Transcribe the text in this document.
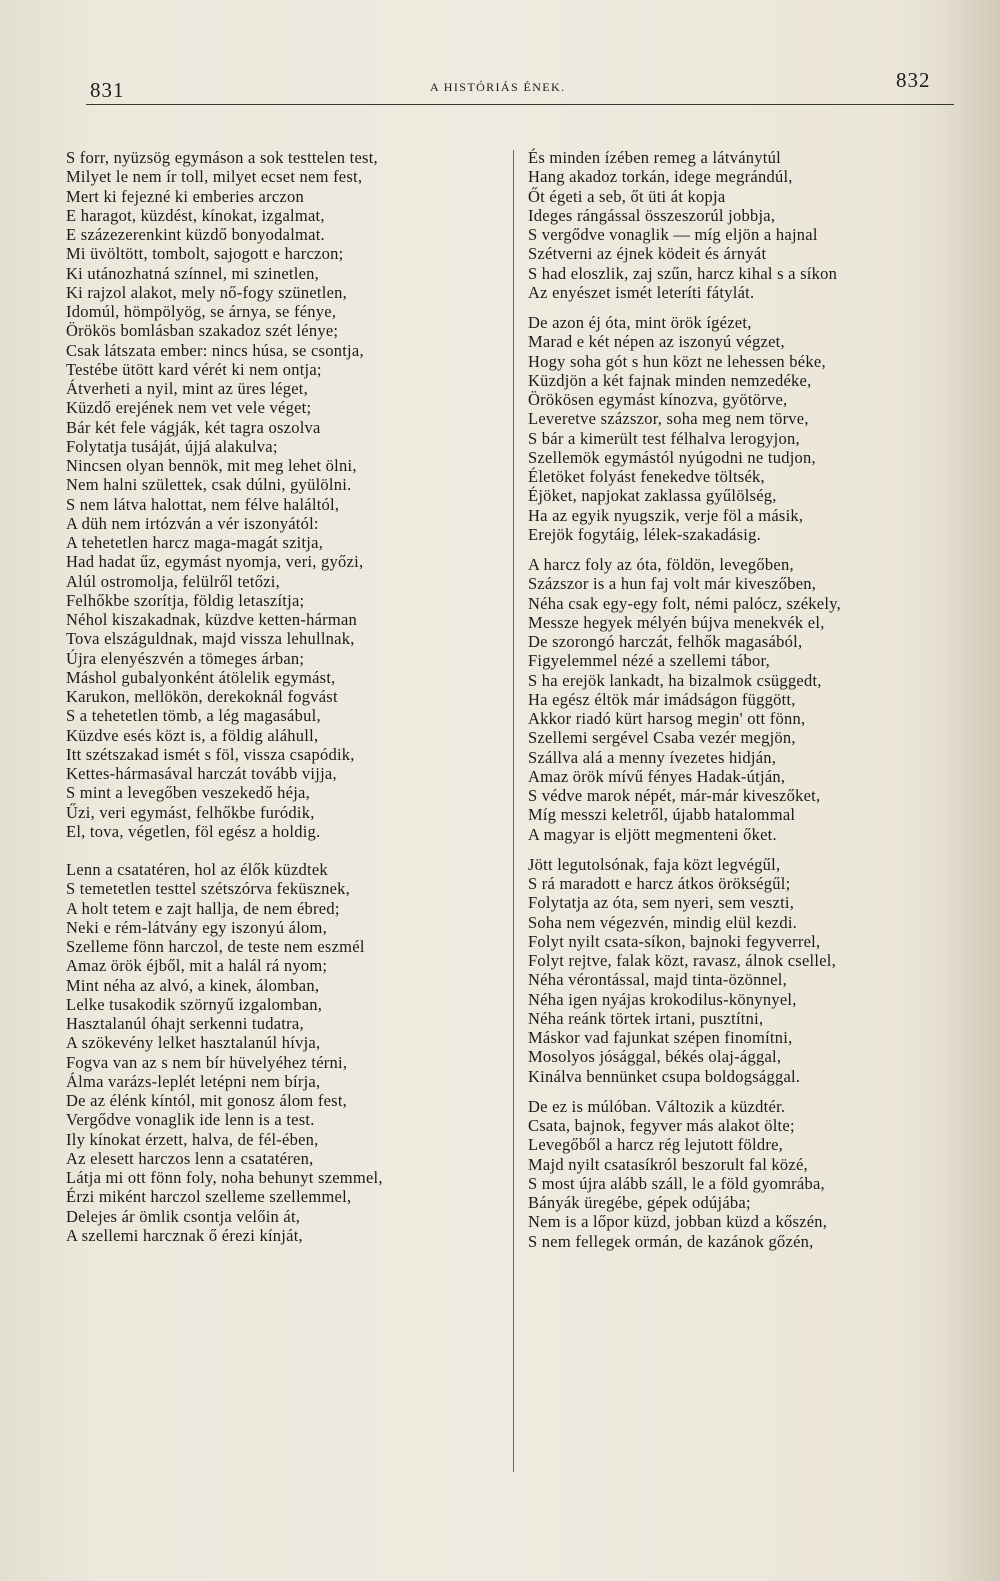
831	A HISTÓRIÁS ÉNEK.	832
S forr, nyüzsög egymáson a sok testtelen test,
Milyet le nem ír toll, milyet ecset nem fest,
Mert ki fejezné ki emberies arczon
E haragot, küzdést, kínokat, izgalmat,
E százezerenkint küzdő bonyodalmat.
Mi üvöltött, tombolt, sajogott e harczon;
Ki utánozhatná színnel, mi szinetlen,
Ki rajzol alakot, mely nő-fogy szünetlen,
Idomúl, hömpölyög, se árnya, se fénye,
Örökös bomlásban szakadoz szét lénye;
Csak látszata ember: nincs húsa, se csontja,
Testébe ütött kard vérét ki nem ontja;
Átverheti a nyil, mint az üres léget,
Küzdő erejének nem vet vele véget;
Bár két fele vágják, két tagra oszolva
Folytatja tusáját, újjá alakulva;
Nincsen olyan bennök, mit meg lehet ölni,
Nem halni születtek, csak dúlni, gyülölni.
S nem látva halottat, nem félve haláltól,
A düh nem irtózván a vér iszonyától:
A tehetetlen harcz maga-magát szitja,
Had hadat űz, egymást nyomja, veri, győzi,
Alúl ostromolja, felülről tetőzi,
Felhőkbe szorítja, földig letaszítja;
Néhol kiszakadnak, küzdve ketten-hárman
Tova elszáguldnak, majd vissza lehullnak,
Újra elenyészvén a tömeges árban;
Máshol gubalyonként átölelik egymást,
Karukon, mellökön, derekoknál fogvást
S a tehetetlen tömb, a lég magasábul,
Küzdve esés közt is, a földig aláhull,
Itt szétszakad ismét s föl, vissza csapódik,
Kettes-hármasával harczát tovább vijja,
S mint a levegőben veszekedő héja,
Űzi, veri egymást, felhőkbe furódik,
El, tova, végetlen, föl egész a holdig.
Lenn a csatatéren, hol az élők küzdtek
S temetetlen testtel szétszórva feküsznek,
A holt tetem e zajt hallja, de nem ébred;
Neki e rém-látvány egy iszonyú álom,
Szelleme fönn harczol, de teste nem eszmél
Amaz örök éjből, mit a halál rá nyom;
Mint néha az alvó, a kinek, álomban,
Lelke tusakodik szörnyű izgalomban,
Hasztalanúl óhajt serkenni tudatra,
A szökevény lelket hasztalanúl hívja,
Fogva van az s nem bír hüvelyéhez térni,
Álma varázs-leplét letépni nem bírja,
De az élénk kíntól, mit gonosz álom fest,
Vergődve vonaglik ide lenn is a test.
Ily kínokat érzett, halva, de fél-ében,
Az elesett harczos lenn a csatatéren,
Látja mi ott fönn foly, noha behunyt szemmel,
Érzi miként harczol szelleme szellemmel,
Delejes ár ömlik csontja velőin át,
A szellemi harcznak ő érezi kínját,
És minden ízében remeg a látványtúl
Hang akadoz torkán, idege megrándúl,
Őt égeti a seb, őt üti át kopja
Ideges rángással összeszorúl jobbja,
S vergődve vonaglik — míg eljön a hajnal
Szétverni az éjnek ködeit és árnyát
S had eloszlik, zaj szűn, harcz kihal s a síkon
Az enyészet ismét leteríti fátylát.
De azon éj óta, mint örök ígézet,
Marad e két népen az iszonyú végzet,
Hogy soha gót s hun közt ne lehessen béke,
Küzdjön a két fajnak minden nemzedéke,
Örökösen egymást kínozva, gyötörve,
Leveretve százszor, soha meg nem törve,
S bár a kimerült test félhalva lerogyjon,
Szellemök egymástól nyúgodni ne tudjon,
Életöket folyást fenekedve töltsék,
Éjöket, napjokat zaklassa gyűlölség,
Ha az egyik nyugszik, verje föl a másik,
Erejök fogytáig, lélek-szakadásig.
A harcz foly az óta, földön, levegőben,
Százszor is a hun faj volt már kiveszőben,
Néha csak egy-egy folt, némi palócz, székely,
Messze hegyek mélyén bújva menekvék el,
De szorongó harczát, felhők magasából,
Figyelemmel nézé a szellemi tábor,
S ha erejök lankadt, ha bizalmok csüggedt,
Ha egész éltök már imádságon függött,
Akkor riadó kürt harsog megin' ott fönn,
Szellemi sergével Csaba vezér megjön,
Szállva alá a menny ívezetes hidján,
Amaz örök mívű fényes Hadak-útján,
S védve marok népét, már-már kiveszőket,
Míg messzi keletről, újabb hatalommal
A magyar is eljött megmenteni őket.
Jött legutolsónak, faja közt legvégűl,
S rá maradott e harcz átkos örökségűl;
Folytatja az óta, sem nyeri, sem veszti,
Soha nem végezvén, mindig elül kezdi.
Folyt nyilt csata-síkon, bajnoki fegyverrel,
Folyt rejtve, falak közt, ravasz, álnok csellel,
Néha vérontással, majd tinta-özönnel,
Néha igen nyájas krokodilus-könynyel,
Néha reánk törtek irtani, pusztítni,
Máskor vad fajunkat szépen finomítni,
Mosolyos jósággal, békés olaj-ággal,
Kinálva bennünket csupa boldogsággal.
De ez is múlóban. Változik a küzdtér.
Csata, bajnok, fegyver más alakot ölte;
Levegőből a harcz rég lejutott földre,
Majd nyilt csatasíkról beszorult fal közé,
S most újra alább száll, le a föld gyomrába,
Bányák üregébe, gépek odújába;
Nem is a lőpor küzd, jobban küzd a kőszén,
S nem fellegek ormán, de kazánok gőzén,
